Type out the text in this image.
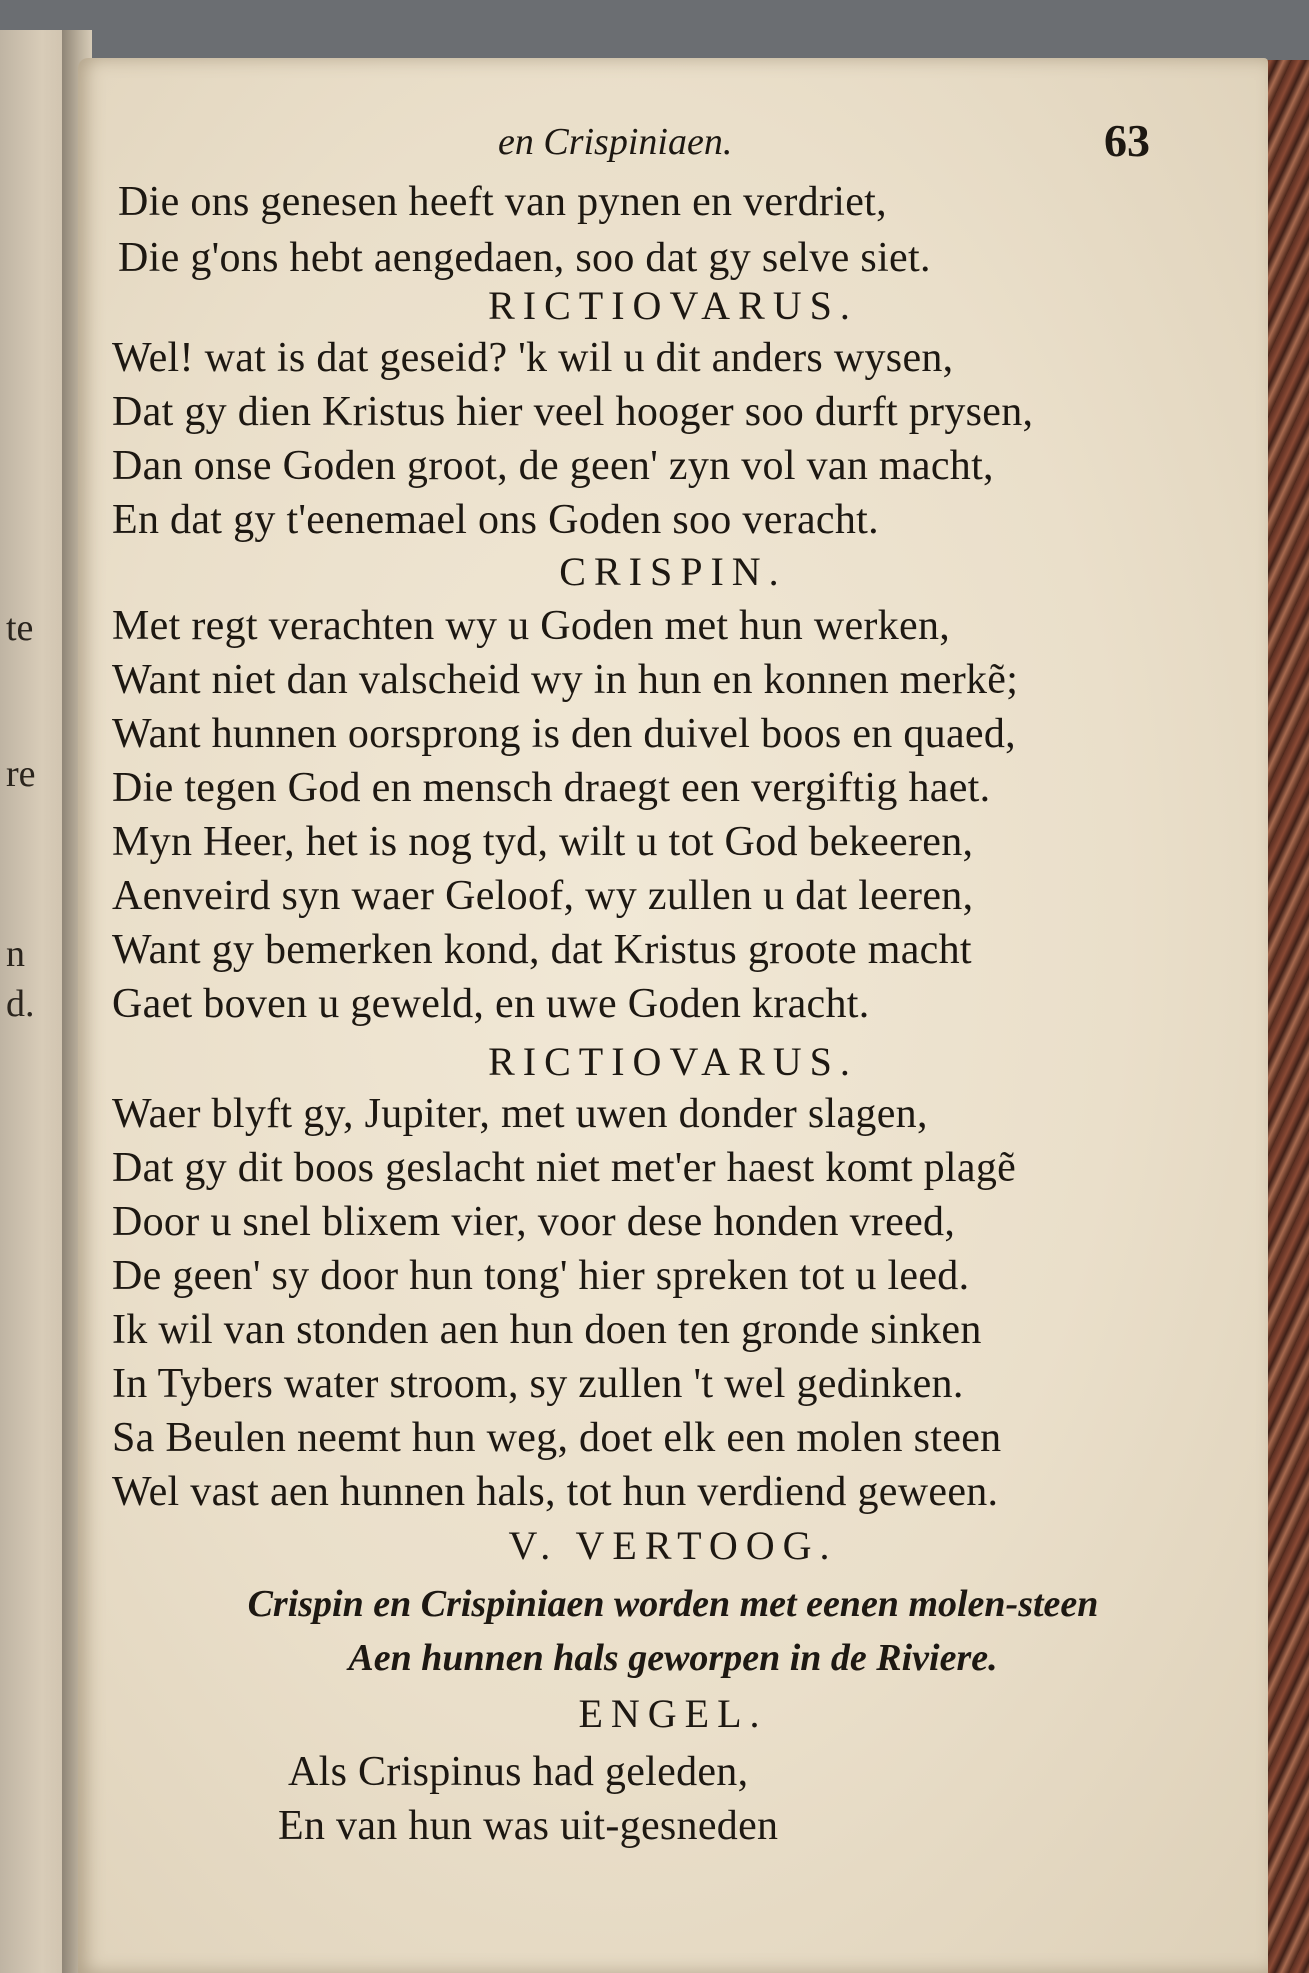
te
re
n
d.
en Crispiniaen.	63
Die ons genesen heeft van pynen en verdriet,
Die g'ons hebt aengedaen, soo dat gy selve siet.
RICTIOVARUS.
Wel! wat is dat geseid? 'k wil u dit anders wysen,
Dat gy dien Kristus hier veel hooger soo durft prysen,
Dan onse Goden groot, de geen' zyn vol van macht,
En dat gy t'eenemael ons Goden soo veracht.
CRISPIN.
Met regt verachten wy u Goden met hun werken,
Want niet dan valscheid wy in hun en konnen merkẽ;
Want hunnen oorsprong is den duivel boos en quaed,
Die tegen God en mensch draegt een vergiftig haet.
Myn Heer, het is nog tyd, wilt u tot God bekeeren,
Aenveird syn waer Geloof, wy zullen u dat leeren,
Want gy bemerken kond, dat Kristus groote macht
Gaet boven u geweld, en uwe Goden kracht.
RICTIOVARUS.
Waer blyft gy, Jupiter, met uwen donder slagen,
Dat gy dit boos geslacht niet met'er haest komt plagẽ
Door u snel blixem vier, voor dese honden vreed,
De geen' sy door hun tong' hier spreken tot u leed.
Ik wil van stonden aen hun doen ten gronde sinken
In Tybers water stroom, sy zullen 't wel gedinken.
Sa Beulen neemt hun weg, doet elk een molen steen
Wel vast aen hunnen hals, tot hun verdiend geween.
V. VERTOOG.
Crispin en Crispiniaen worden met eenen molen-steen
Aen hunnen hals geworpen in de Riviere.
ENGEL.
Als Crispinus had geleden,
En van hun was uit-gesneden
